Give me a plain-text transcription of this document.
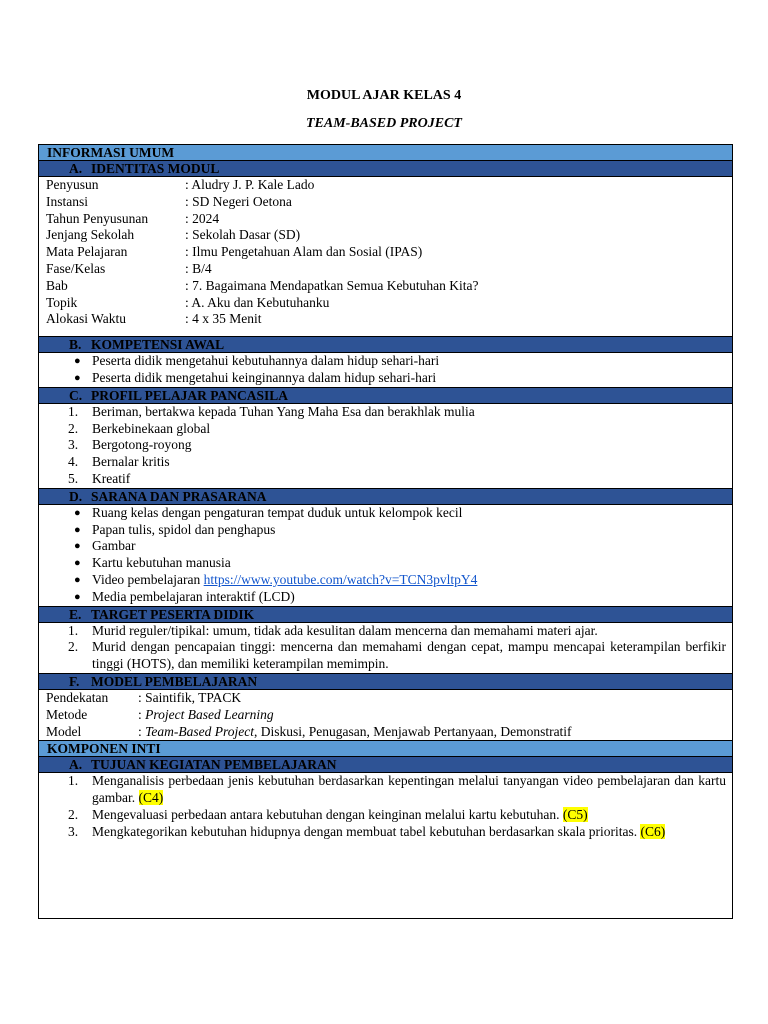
MODUL AJAR KELAS 4
TEAM-BASED PROJECT
INFORMASI UMUM
A. IDENTITAS MODUL
Penyusun	: Aludry J. P. Kale Lado
Instansi	: SD Negeri Oetona
Tahun Penyusunan	: 2024
Jenjang Sekolah	: Sekolah Dasar (SD)
Mata Pelajaran	: Ilmu Pengetahuan Alam dan Sosial (IPAS)
Fase/Kelas	: B/4
Bab	: 7. Bagaimana Mendapatkan Semua Kebutuhan Kita?
Topik	: A. Aku dan Kebutuhanku
Alokasi Waktu	: 4 x 35 Menit
B. KOMPETENSI AWAL
● Peserta didik mengetahui kebutuhannya dalam hidup sehari-hari
● Peserta didik mengetahui keinginannya dalam hidup sehari-hari
C. PROFIL PELAJAR PANCASILA
1. Beriman, bertakwa kepada Tuhan Yang Maha Esa dan berakhlak mulia
2. Berkebinekaan global
3. Bergotong-royong
4. Bernalar kritis
5. Kreatif
D. SARANA DAN PRASARANA
● Ruang kelas dengan pengaturan tempat duduk untuk kelompok kecil
● Papan tulis, spidol dan penghapus
● Gambar
● Kartu kebutuhan manusia
● Video pembelajaran https://www.youtube.com/watch?v=TCN3pvltpY4
● Media pembelajaran interaktif (LCD)
E. TARGET PESERTA DIDIK
1. Murid reguler/tipikal: umum, tidak ada kesulitan dalam mencerna dan memahami materi ajar.
2. Murid dengan pencapaian tinggi: mencerna dan memahami dengan cepat, mampu mencapai keterampilan berfikir tinggi (HOTS), dan memiliki keterampilan memimpin.
F. MODEL PEMBELAJARAN
Pendekatan : Saintifik, TPACK
Metode	: Project Based Learning
Model	: Team-Based Project, Diskusi, Penugasan, Menjawab Pertanyaan, Demonstratif
KOMPONEN INTI
A. TUJUAN KEGIATAN PEMBELAJARAN
1. Menganalisis perbedaan jenis kebutuhan berdasarkan kepentingan melalui tanyangan video pembelajaran dan kartu gambar. (C4)
2. Mengevaluasi perbedaan antara kebutuhan dengan keinginan melalui kartu kebutuhan. (C5)
3. Mengkategorikan kebutuhan hidupnya dengan membuat tabel kebutuhan berdasarkan skala prioritas. (C6)
